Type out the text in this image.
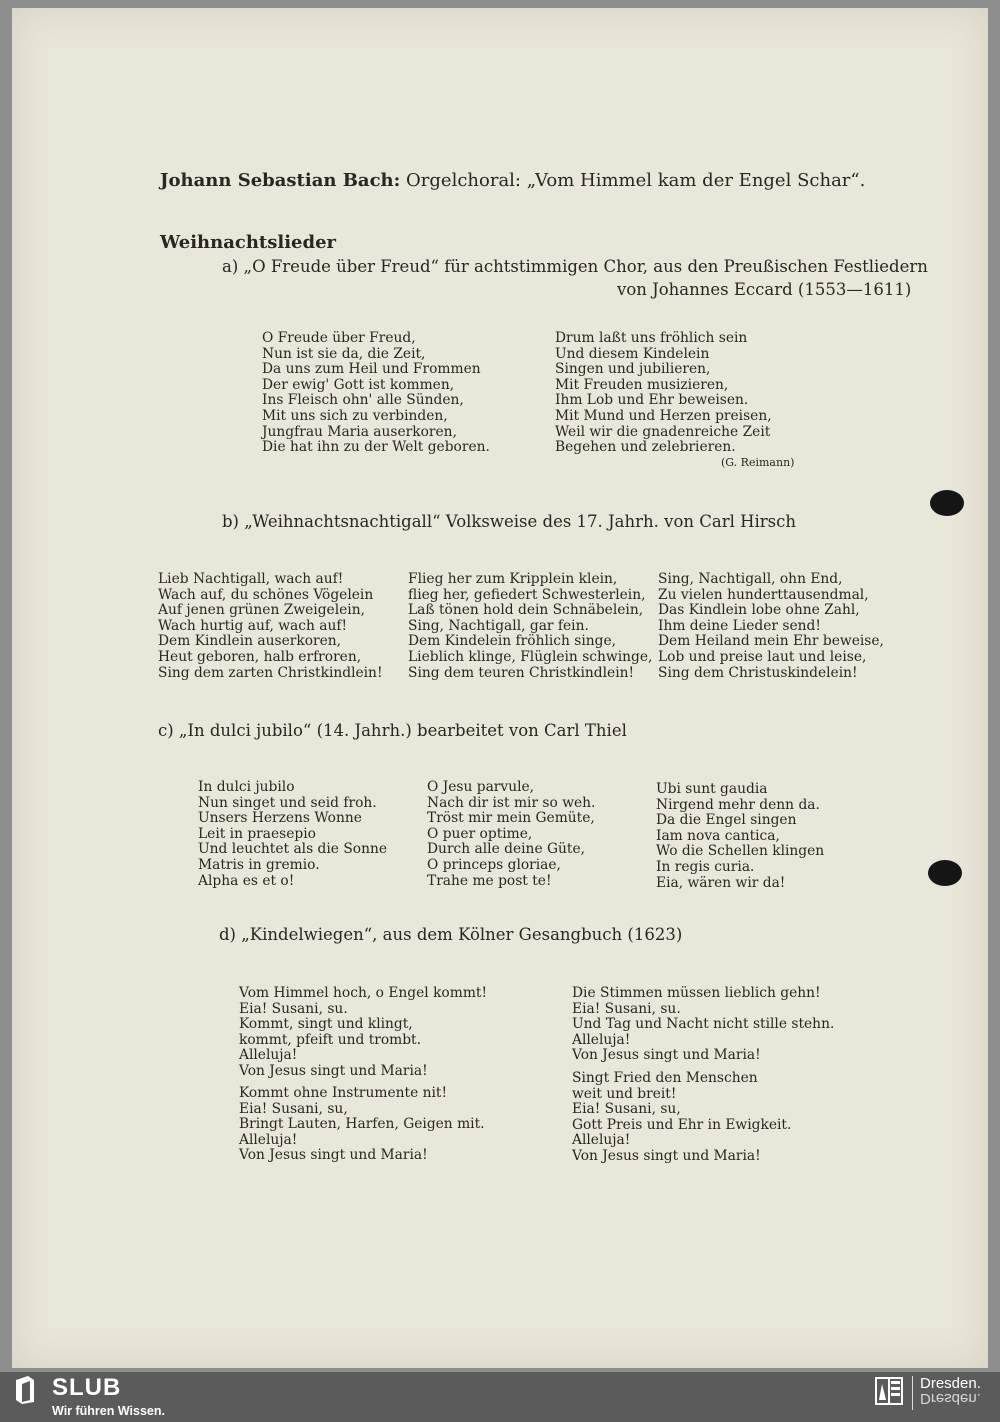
Johann Sebastian Bach: Orgelchoral: „Vom Himmel kam der Engel Schar“.
Weihnachtslieder
a) „O Freude über Freud“ für achtstimmigen Chor, aus den Preußischen Festliedern
von Johannes Eccard (1553—1611)
O Freude über Freud,
Nun ist sie da, die Zeit,
Da uns zum Heil und Frommen
Der ewig' Gott ist kommen,
Ins Fleisch ohn' alle Sünden,
Mit uns sich zu verbinden,
Jungfrau Maria auserkoren,
Die hat ihn zu der Welt geboren.
Drum laßt uns fröhlich sein
Und diesem Kindelein
Singen und jubilieren,
Mit Freuden musizieren,
Ihm Lob und Ehr beweisen.
Mit Mund und Herzen preisen,
Weil wir die gnadenreiche Zeit
Begehen und zelebrieren.
(G. Reimann)
b) „Weihnachtsnachtigall“ Volksweise des 17. Jahrh. von Carl Hirsch
Lieb Nachtigall, wach auf!
Wach auf, du schönes Vögelein
Auf jenen grünen Zweigelein,
Wach hurtig auf, wach auf!
Dem Kindlein auserkoren,
Heut geboren, halb erfroren,
Sing dem zarten Christkindlein!
Flieg her zum Kripplein klein,
flieg her, gefiedert Schwesterlein,
Laß tönen hold dein Schnäbelein,
Sing, Nachtigall, gar fein.
Dem Kindelein fröhlich singe,
Lieblich klinge, Flüglein schwinge,
Sing dem teuren Christkindlein!
Sing, Nachtigall, ohn End,
Zu vielen hunderttausendmal,
Das Kindlein lobe ohne Zahl,
Ihm deine Lieder send!
Dem Heiland mein Ehr beweise,
Lob und preise laut und leise,
Sing dem Christuskindelein!
c) „In dulci jubilo“ (14. Jahrh.) bearbeitet von Carl Thiel
In dulci jubilo
Nun singet und seid froh.
Unsers Herzens Wonne
Leit in praesepio
Und leuchtet als die Sonne
Matris in gremio.
Alpha es et o!
O Jesu parvule,
Nach dir ist mir so weh.
Tröst mir mein Gemüte,
O puer optime,
Durch alle deine Güte,
O princeps gloriae,
Trahe me post te!
Ubi sunt gaudia
Nirgend mehr denn da.
Da die Engel singen
Iam nova cantica,
Wo die Schellen klingen
In regis curia.
Eia, wären wir da!
d) „Kindelwiegen“, aus dem Kölner Gesangbuch (1623)
Vom Himmel hoch, o Engel kommt!
Eia! Susani, su.
Kommt, singt und klingt,
kommt, pfeift und trombt.
Alleluja!
Von Jesus singt und Maria!
Kommt ohne Instrumente nit!
Eia! Susani, su,
Bringt Lauten, Harfen, Geigen mit.
Alleluja!
Von Jesus singt und Maria!
Die Stimmen müssen lieblich gehn!
Eia! Susani, su.
Und Tag und Nacht nicht stille stehn.
Alleluja!
Von Jesus singt und Maria!
Singt Fried den Menschen
weit und breit!
Eia! Susani, su,
Gott Preis und Ehr in Ewigkeit.
Alleluja!
Von Jesus singt und Maria!
SLUB
Wir führen Wissen.
Dresden.
Dresden.
